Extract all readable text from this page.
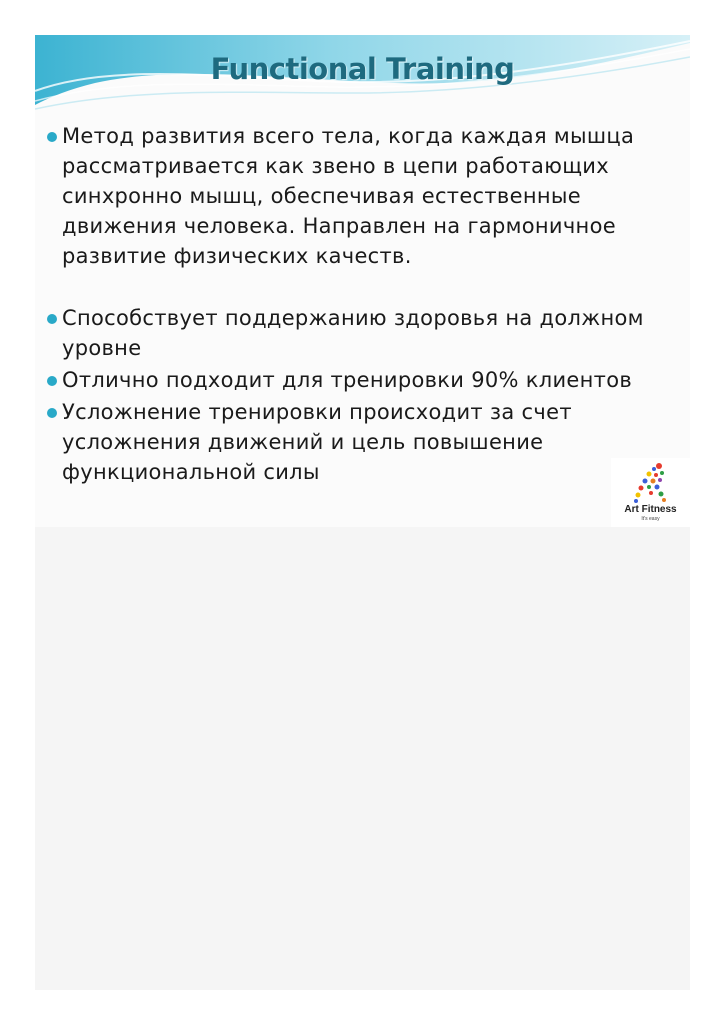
Functional Training
Метод развития всего тела, когда каждая мышца рассматривается как звено в цепи работающих синхронно мышц, обеспечивая естественные движения человека. Направлен на гармоничное развитие физических качеств.
Способствует поддержанию здоровья на должном уровне
Отлично подходит для тренировки 90% клиентов
Усложнение тренировки происходит за счет усложнения движений и цель повышение функциональной силы
Art Fitness
It's easy
